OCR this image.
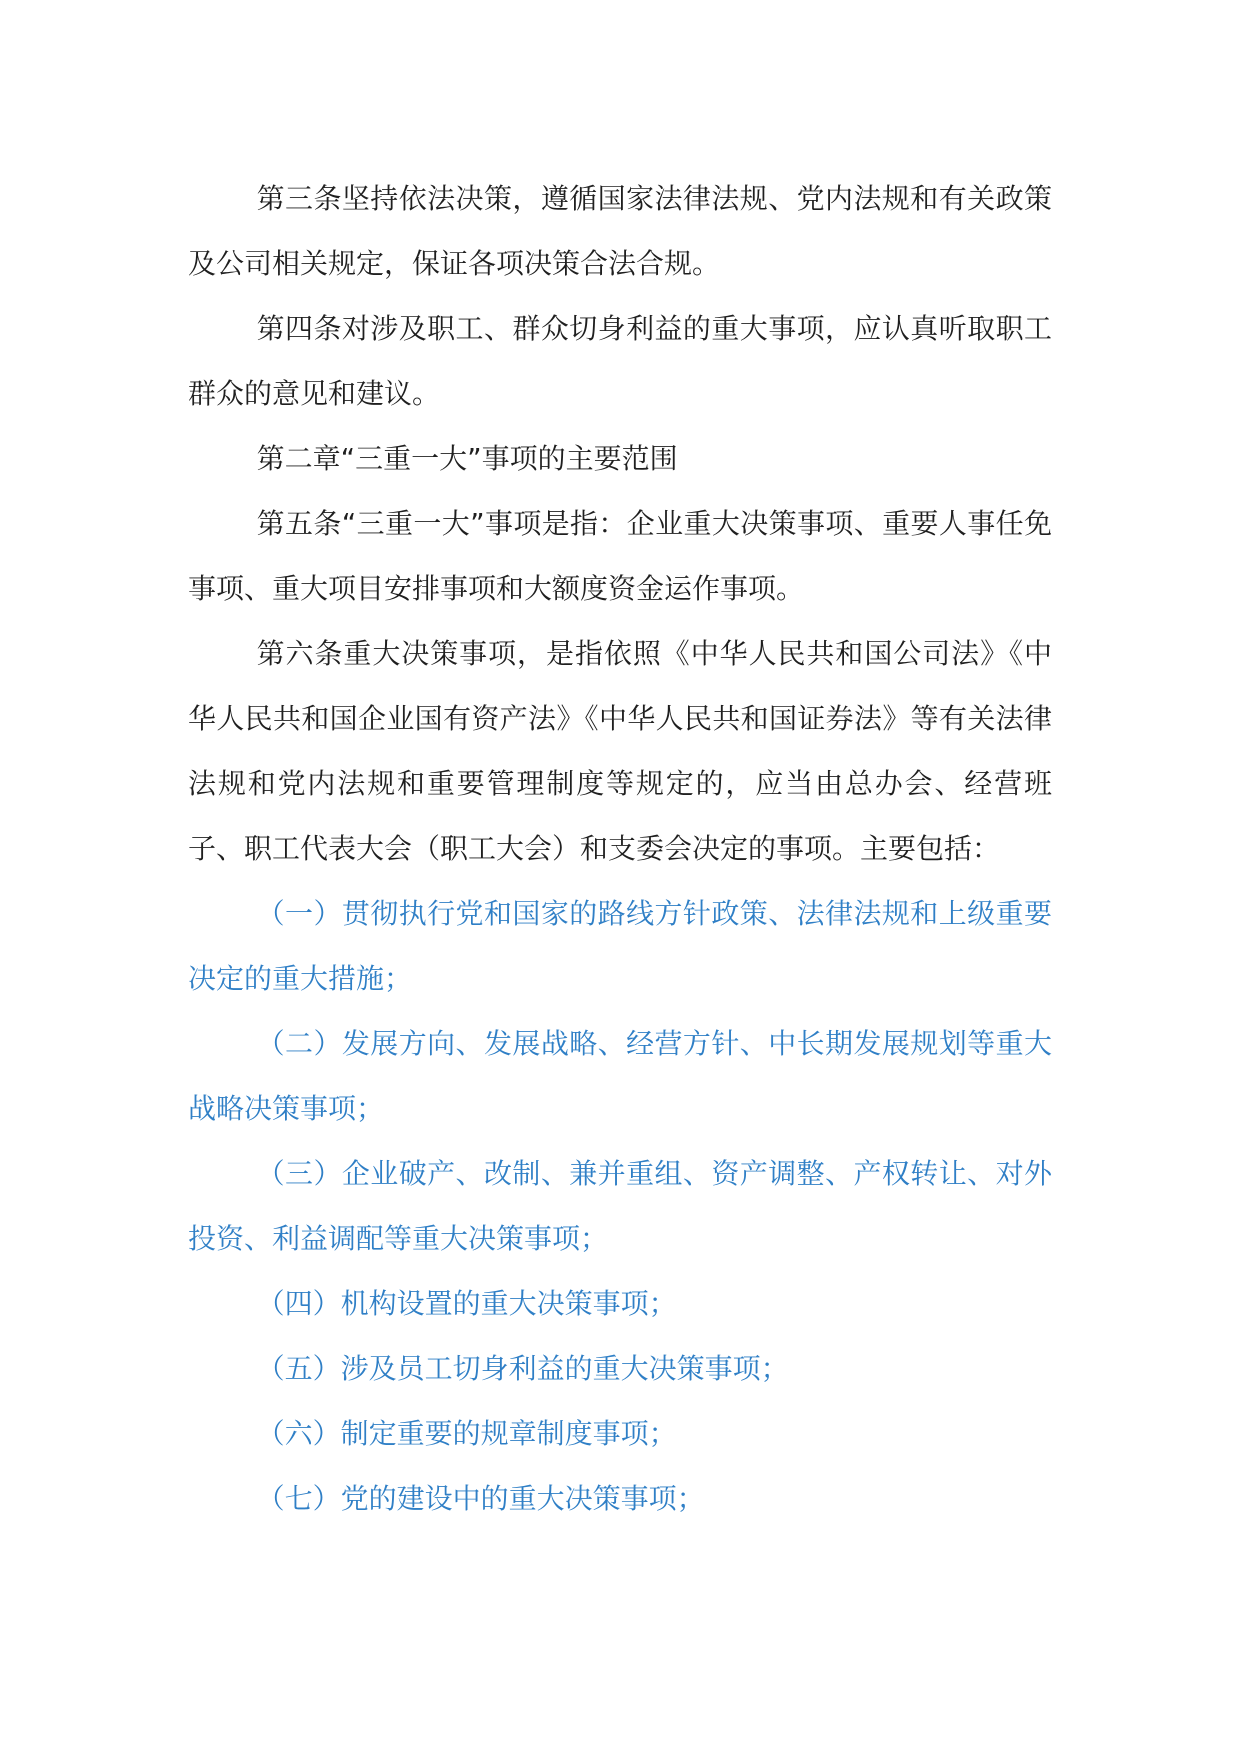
第三条坚持依法决策，遵循国家法律法规、党内法规和有关政策及公司相关规定，保证各项决策合法合规。

第四条对涉及职工、群众切身利益的重大事项，应认真听取职工群众的意见和建议。

第二章“三重一大”事项的主要范围

第五条“三重一大”事项是指：企业重大决策事项、重要人事任免事项、重大项目安排事项和大额度资金运作事项。

第六条重大决策事项，是指依照《中华人民共和国公司法》《中华人民共和国企业国有资产法》《中华人民共和国证券法》等有关法律法规和党内法规和重要管理制度等规定的，应当由总办会、经营班子、职工代表大会（职工大会）和支委会决定的事项。主要包括：

（一）贯彻执行党和国家的路线方针政策、法律法规和上级重要决定的重大措施；

（二）发展方向、发展战略、经营方针、中长期发展规划等重大战略决策事项；

（三）企业破产、改制、兼并重组、资产调整、产权转让、对外投资、利益调配等重大决策事项；

（四）机构设置的重大决策事项；

（五）涉及员工切身利益的重大决策事项；

（六）制定重要的规章制度事项；

（七）党的建设中的重大决策事项；
